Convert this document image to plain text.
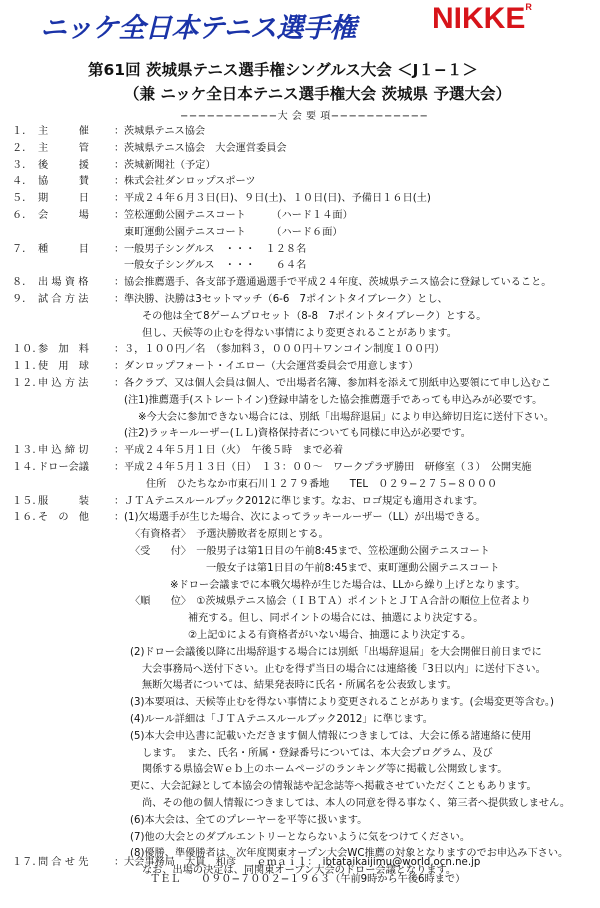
ニッケ全日本テニス選手権	$NIKKE^R$
第61回 茨城県テニス選手権シングルス大会 ＜J１−１＞
（兼 ニッケ全日本テニス選手権大会 茨城県 予選大会）
−−−−−−−−−−−大 会 要 項−−−−−−−−−−−
１.	主　　　催	茨城県テニス協会
：
２.	主　　　管	茨城県テニス協会　大会運営委員会
：
３.	後　　　援	茨城新聞社（予定）
：
４.	協　　　賛	株式会社ダンロップスポーツ
：
５.	期　　　日	平成２４年６月３日(日)、９日(土)、１０日(日)、予備日１６日(土)
：
６.	会　　　場	笠松運動公園テニスコート　　　（ハード１４面）
：
東町運動公園テニスコート　　　（ハード６面）
７.	種　　　目	一般男子シングルス　・・・　１２８名
：
一般女子シングルス　・・・　　６４名
８.	出 場 資 格	協会推薦選手、各支部予選通過選手で平成２４年度、茨城県テニス協会に登録していること。
：
９.	試 合 方 法	準決勝、決勝は3セットマッチ（6-6　7ポイントタイブレーク）とし、
：
その他は全て8ゲームプロセット（8-8　7ポイントタイブレーク）とする。
但し、天候等の止むを得ない事情により変更されることがあります。
１０. 参　加　料	３，１００円／名　（参加料３，０００円＋ワンコイン制度１００円）
：
１１. 使　用　球	ダンロップフォート・イエロー（大会運営委員会で用意します）
：
１２. 申 込 方 法	各クラブ、又は個人会員は個人、で出場者名簿、参加料を添えて別紙申込要領にて申し込むこ
：
(注1)推薦選手(ストレートイン)登録申請をした協会推薦選手であっても申込みが必要です。
※今大会に参加できない場合には、別紙「出場辞退届」により申込締切日迄に送付下さい。
(注2)ラッキールーザー(ＬＬ)資格保持者についても同様に申込が必要です。
１３. 申 込 締 切	平成２４年５月１日（火）　午後５時　まで必着
：
１４. ドロー会議	平成２４年５月１３日（日）　１３：００〜　ワークプラザ勝田　研修室（３）　公開実施
：
住所　ひたちなか市東石川１２７９番地　　TEL　０２９−２７５−８０００
１５. 服　　　装	ＪＴＡテニスルールブック2012に準じます。なお、ロゴ規定も適用されます。
：
１６. そ　の　他	(1)欠場選手が生じた場合、次によってラッキールーザー（LL）が出場できる。
：
〈有資格者〉　予選決勝敗者を原則とする。
〈受　　付〉　一般男子は第1日目の午前8:45まで、笠松運動公園テニスコート
一般女子は第1日目の午前8:45まで、東町運動公園テニスコート
※ドロー会議までに本戦欠場枠が生じた場合は、LLから繰り上げとなります。
〈順　　位〉　①茨城県テニス協会（ＩＢＴＡ）ポイントとＪＴＡ合計の順位上位者より
補充する。但し、同ポイントの場合には、抽選により決定する。
②上記①による有資格者がいない場合、抽選により決定する。
(2)ドロー会議後以降に出場辞退する場合には別紙「出場辞退届」を大会開催日前日までに
大会事務局へ送付下さい。止むを得ず当日の場合には連絡後「3日以内」に送付下さい。
無断欠場者については、結果発表時に氏名・所属名を公表致します。
(3)本要項は、天候等止むを得ない事情により変更されることがあります。(会場変更等含む。)
(4)ルール詳細は「ＪＴＡテニスルールブック2012」に準じます。
(5)本大会申込書に記載いただきます個人情報につきましては、大会に係る諸連絡に使用
します。　また、氏名・所属・登録番号については、本大会プログラム、及び
関係する県協会Ｗｅｂ上のホームページのランキング等に掲載し公開致します。
更に、大会記録として本協会の情報誌や記念誌等へ掲載させていただくこともあります。
尚、その他の個人情報につきましては、本人の同意を得る事なく、第三者へ提供致しません。
(6)本大会は、全てのプレーヤーを平等に扱います。
(7)他の大会とのダブルエントリーとならないように気をつけてください。
(8)優勝、準優勝者は、次年度関東オープン大会WC推薦の対象となりますのでお申込み下さい。
なお、出場の決定は、同関東オープン大会のドロー会議となります。
１７. 問 合 せ 先	大会事務局　大貫　和彦　　ｅｍａｉｌ：　ibtataikaijimu@world.ocn.ne.jp
：
ＴＥＬ　　０９０−７００２−１９６３（午前9時から午後6時まで）
